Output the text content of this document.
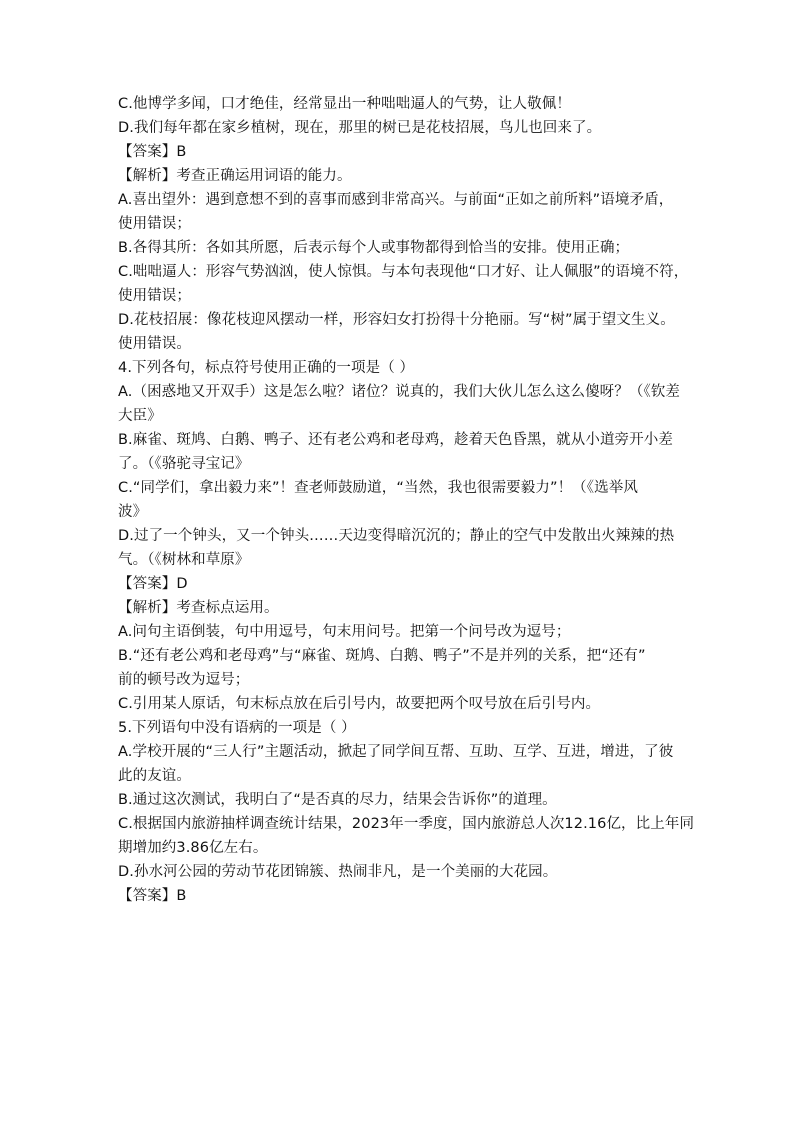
C.他博学多闻，口才绝佳，经常显出一种咄咄逼人的气势，让人敬佩！

D.我们每年都在家乡植树，现在，那里的树已是花枝招展，鸟儿也回来了。

【答案】B

【解析】考查正确运用词语的能力。

A.喜出望外：遇到意想不到的喜事而感到非常高兴。与前面“正如之前所料”语境矛盾，

使用错误；

B.各得其所：各如其所愿，后表示每个人或事物都得到恰当的安排。使用正确；

C.咄咄逼人：形容气势汹汹，使人惊惧。与本句表现他“口才好、让人佩服”的语境不符，

使用错误；

D.花枝招展：像花枝迎风摆动一样，形容妇女打扮得十分艳丽。写“树”属于望文生义。

使用错误。

4.下列各句，标点符号使用正确的一项是（ ）

A.（困惑地又开双手）这是怎么啦？诸位？说真的，我们大伙儿怎么这么傻呀？（《钦差

大臣》

B.麻雀、斑鸠、白鹅、鸭子、还有老公鸡和老母鸡，趁着天色昏黑，就从小道旁开小差

了。（《骆驼寻宝记》

C.“同学们，拿出毅力来”！查老师鼓励道，“当然，我也很需要毅力”！（《选举风

波》

D.过了一个钟头，又一个钟头……天边变得暗沉沉的；静止的空气中发散出火辣辣的热

气。（《树林和草原》

【答案】D

【解析】考查标点运用。

A.问句主语倒装，句中用逗号，句末用问号。把第一个问号改为逗号；

B.“还有老公鸡和老母鸡”与“麻雀、斑鸠、白鹅、鸭子”不是并列的关系，把“还有”

前的顿号改为逗号；

C.引用某人原话，句末标点放在后引号内，故要把两个叹号放在后引号内。

5.下列语句中没有语病的一项是（ ）

A.学校开展的“三人行”主题活动，掀起了同学间互帮、互助、互学、互进，增进，了彼

此的友谊。

B.通过这次测试，我明白了“是否真的尽力，结果会告诉你”的道理。

C.根据国内旅游抽样调查统计结果，2023年一季度，国内旅游总人次12.16亿，比上年同

期增加约3.86亿左右。

D.孙水河公园的劳动节花团锦簇、热闹非凡，是一个美丽的大花园。

【答案】B
